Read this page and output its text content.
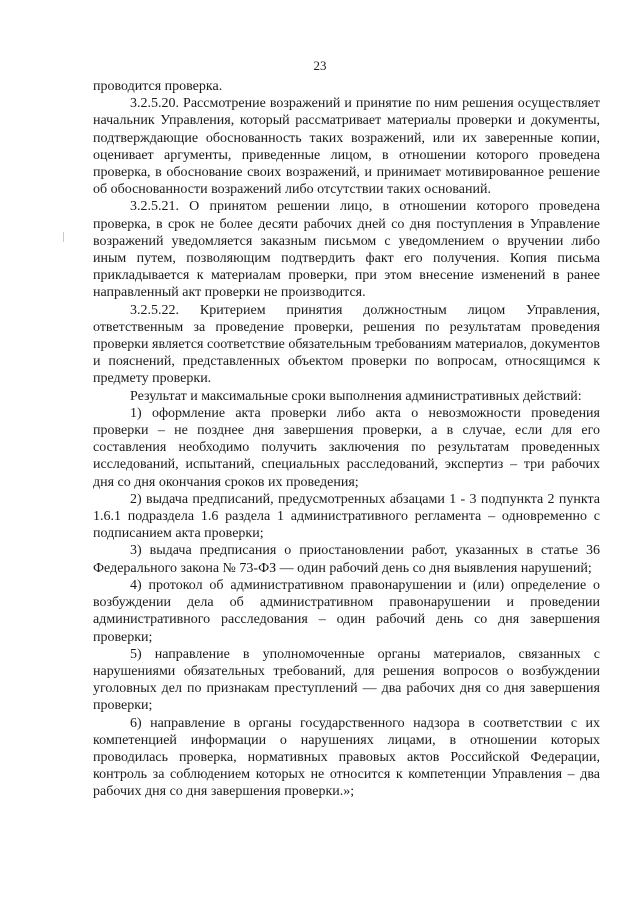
23

проводится проверка.

3.2.5.20. Рассмотрение возражений и принятие по ним решения осуществляет начальник Управления, который рассматривает материалы проверки и документы, подтверждающие обоснованность таких возражений, или их заверенные копии, оценивает аргументы, приведенные лицом, в отношении которого проведена проверка, в обоснование своих возражений, и принимает мотивированное решение об обоснованности возражений либо отсутствии таких оснований.

3.2.5.21. О принятом решении лицо, в отношении которого проведена проверка, в срок не более десяти рабочих дней со дня поступления в Управление возражений уведомляется заказным письмом с уведомлением о вручении либо иным путем, позволяющим подтвердить факт его получения. Копия письма прикладывается к материалам проверки, при этом внесение изменений в ранее направленный акт проверки не производится.

3.2.5.22. Критерием принятия должностным лицом Управления, ответственным за проведение проверки, решения по результатам проведения проверки является соответствие обязательным требованиям материалов, документов и пояснений, представленных объектом проверки по вопросам, относящимся к предмету проверки.

Результат и максимальные сроки выполнения административных действий:

1) оформление акта проверки либо акта о невозможности проведения проверки – не позднее дня завершения проверки, а в случае, если для его составления необходимо получить заключения по результатам проведенных исследований, испытаний, специальных расследований, экспертиз – три рабочих дня со дня окончания сроков их проведения;

2) выдача предписаний, предусмотренных абзацами 1 - 3 подпункта 2 пункта 1.6.1 подраздела 1.6 раздела 1 административного регламента – одновременно с подписанием акта проверки;

3) выдача предписания о приостановлении работ, указанных в статье 36 Федерального закона № 73-ФЗ — один рабочий день со дня выявления нарушений;

4) протокол об административном правонарушении и (или) определение о возбуждении дела об административном правонарушении и проведении административного расследования – один рабочий день со дня завершения проверки;

5) направление в уполномоченные органы материалов, связанных с нарушениями обязательных требований, для решения вопросов о возбуждении уголовных дел по признакам преступлений — два рабочих дня со дня завершения проверки;

6) направление в органы государственного надзора в соответствии с их компетенцией информации о нарушениях лицами, в отношении которых проводилась проверка, нормативных правовых актов Российской Федерации, контроль за соблюдением которых не относится к компетенции Управления – два рабочих дня со дня завершения проверки.»;
